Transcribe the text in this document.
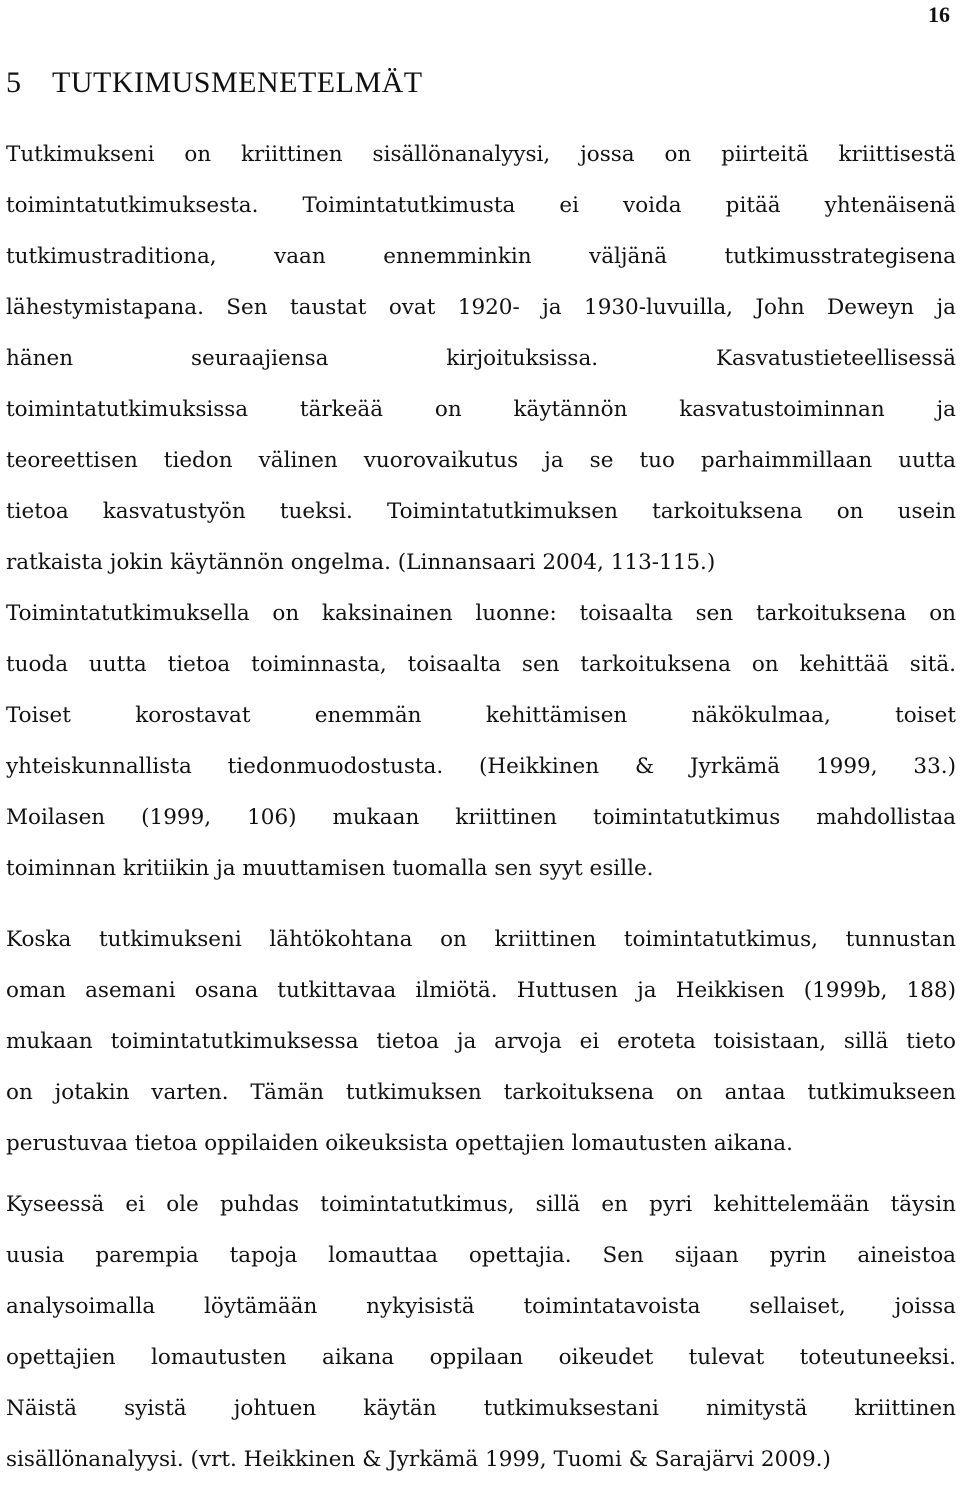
16
5 TUTKIMUSMENETELMÄT
Tutkimukseni on kriittinen sisällönanalyysi, jossa on piirteitä kriittisestä
toimintatutkimuksesta. Toimintatutkimusta ei voida pitää yhtenäisenä
tutkimustraditiona, vaan ennemminkin väljänä tutkimusstrategisena
lähestymistapana. Sen taustat ovat 1920- ja 1930-luvuilla, John Deweyn ja
hänen seuraajiensa kirjoituksissa. Kasvatustieteellisessä
toimintatutkimuksissa tärkeää on käytännön kasvatustoiminnan ja
teoreettisen tiedon välinen vuorovaikutus ja se tuo parhaimmillaan uutta
tietoa kasvatustyön tueksi. Toimintatutkimuksen tarkoituksena on usein
ratkaista jokin käytännön ongelma. (Linnansaari 2004, 113-115.)
Toimintatutkimuksella on kaksinainen luonne: toisaalta sen tarkoituksena on
tuoda uutta tietoa toiminnasta, toisaalta sen tarkoituksena on kehittää sitä.
Toiset korostavat enemmän kehittämisen näkökulmaa, toiset
yhteiskunnallista tiedonmuodostusta. (Heikkinen & Jyrkämä 1999, 33.)
Moilasen (1999, 106) mukaan kriittinen toimintatutkimus mahdollistaa
toiminnan kritiikin ja muuttamisen tuomalla sen syyt esille.
Koska tutkimukseni lähtökohtana on kriittinen toimintatutkimus, tunnustan
oman asemani osana tutkittavaa ilmiötä. Huttusen ja Heikkisen (1999b, 188)
mukaan toimintatutkimuksessa tietoa ja arvoja ei eroteta toisistaan, sillä tieto
on jotakin varten. Tämän tutkimuksen tarkoituksena on antaa tutkimukseen
perustuvaa tietoa oppilaiden oikeuksista opettajien lomautusten aikana.
Kyseessä ei ole puhdas toimintatutkimus, sillä en pyri kehittelemään täysin
uusia parempia tapoja lomauttaa opettajia. Sen sijaan pyrin aineistoa
analysoimalla löytämään nykyisistä toimintatavoista sellaiset, joissa
opettajien lomautusten aikana oppilaan oikeudet tulevat toteutuneeksi.
Näistä syistä johtuen käytän tutkimuksestani nimitystä kriittinen
sisällönanalyysi. (vrt. Heikkinen & Jyrkämä 1999, Tuomi & Sarajärvi 2009.)
